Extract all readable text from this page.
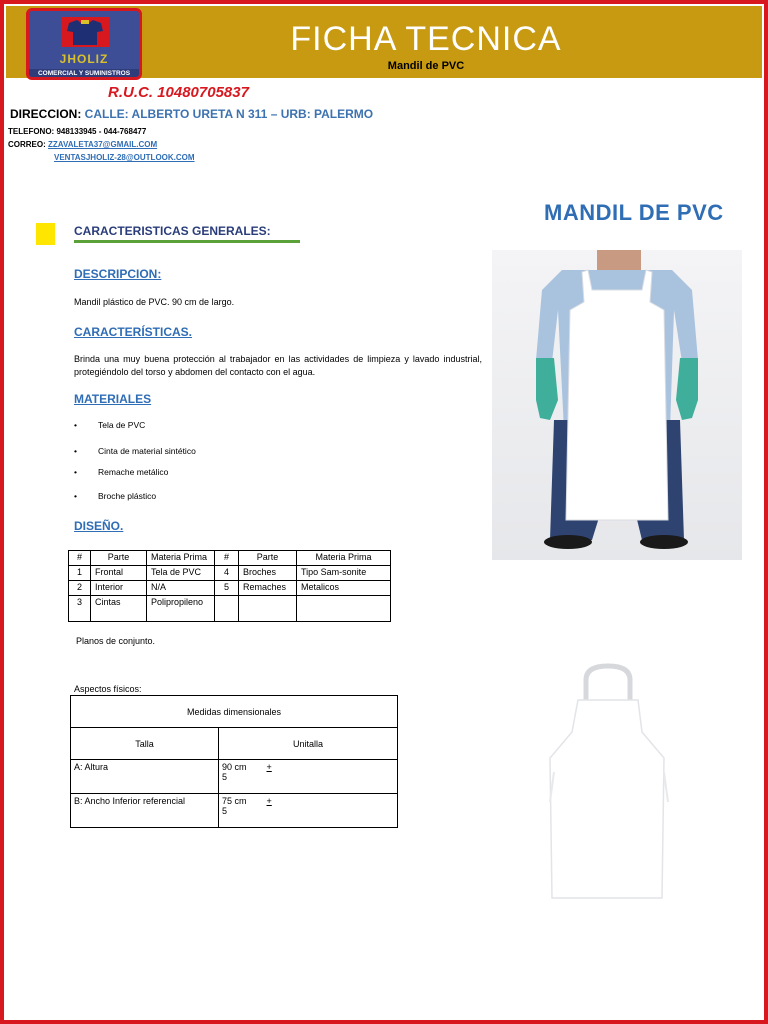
FICHA TECNICA
Mandil de PVC
JHOLIZ
COMERCIAL Y SUMINISTROS
R.U.C. 10480705837
DIRECCION: CALLE: ALBERTO URETA N 311 – URB: PALERMO
TELEFONO: 948133945 - 044-768477
CORREO: ZZAVALETA37@GMAIL.COM
VENTASJHOLIZ-28@OUTLOOK.COM
CARACTERISTICAS GENERALES:
DESCRIPCION:
Mandil plástico de PVC. 90 cm de largo.
CARACTERÍSTICAS.
Brinda una muy buena protección al trabajador en las actividades de limpieza y lavado industrial, protegiéndolo del torso y abdomen del contacto con el agua.
MATERIALES
• Tela de PVC
• Cinta de material sintético
• Remache metálico
• Broche plástico
DISEÑO.
#	Parte	Materia Prima	#	Parte	Materia Prima
1	Frontal	Tela de PVC	4	Broches	Tipo Sam-sonite
2	Interior	N/A	5	Remaches	Metalicos
3	Cintas	Polipropileno			
Planos de conjunto.
Aspectos físicos:
Medidas dimensionales	
Talla	Unitalla
A: Altura	90 cm +
5
B: Ancho Inferior referencial	75 cm +
5
MANDIL DE PVC
